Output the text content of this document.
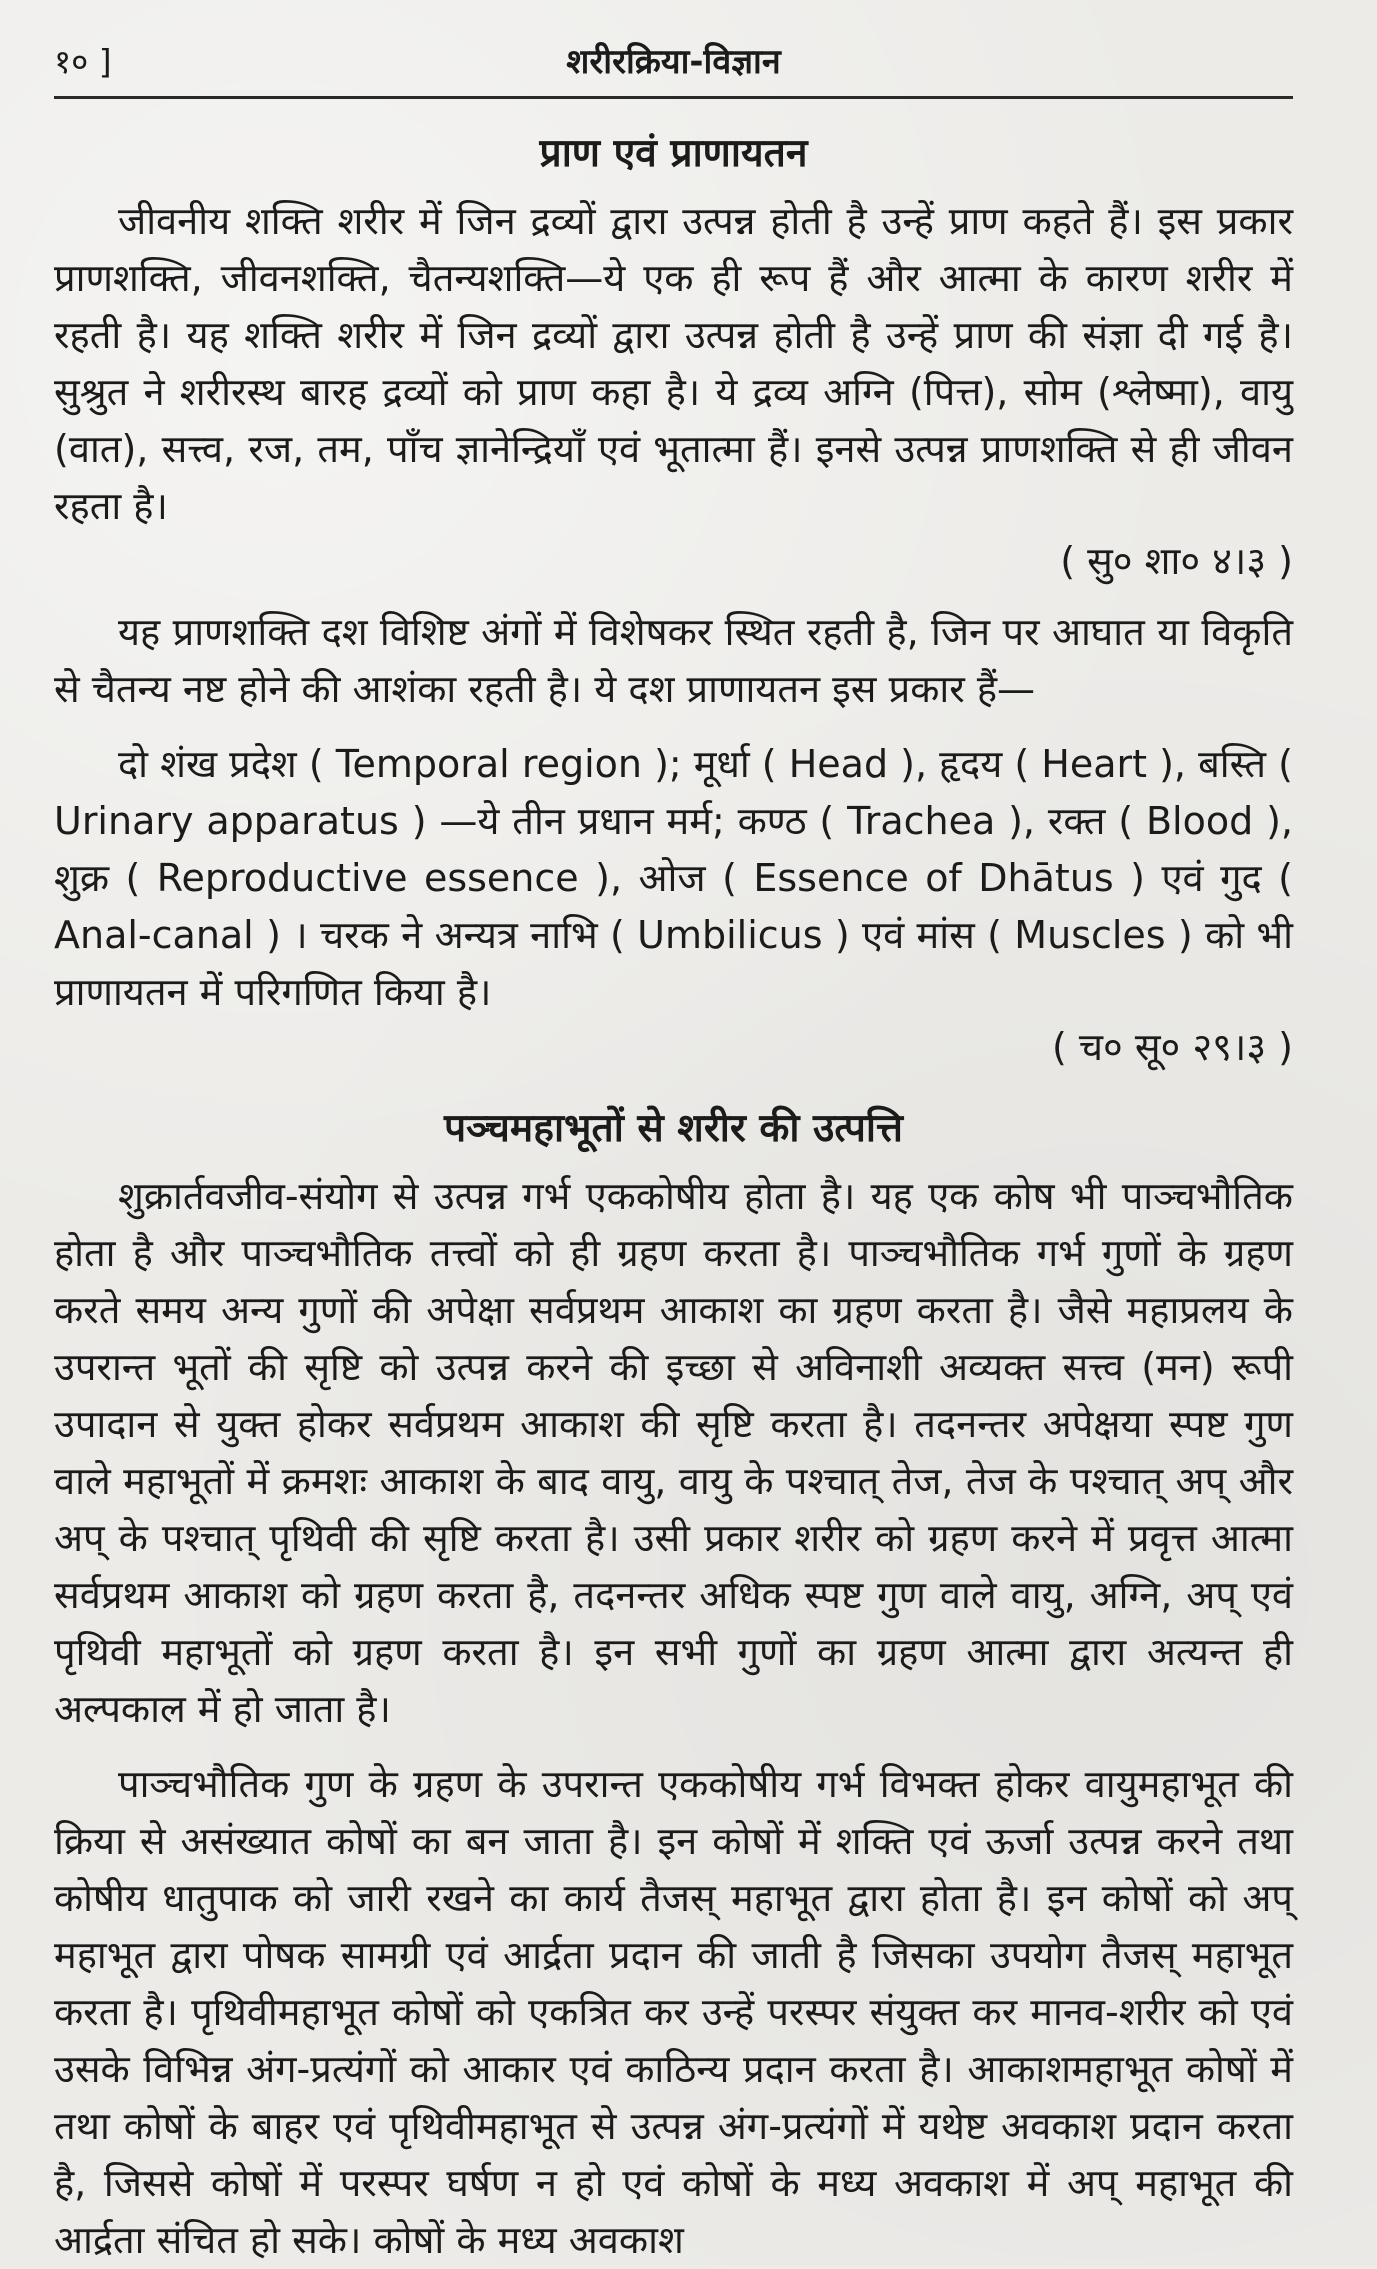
१० ]	शरीरक्रिया-विज्ञान
प्राण एवं प्राणायतन

जीवनीय शक्ति शरीर में जिन द्रव्यों द्वारा उत्पन्न होती है उन्हें प्राण कहते हैं। इस प्रकार प्राणशक्ति, जीवनशक्ति, चैतन्यशक्ति—ये एक ही रूप हैं और आत्मा के कारण शरीर में रहती है। यह शक्ति शरीर में जिन द्रव्यों द्वारा उत्पन्न होती है उन्हें प्राण की संज्ञा दी गई है। सुश्रुत ने शरीरस्थ बारह द्रव्यों को प्राण कहा है। ये द्रव्य अग्नि (पित्त), सोम (श्लेष्मा), वायु (वात), सत्त्व, रज, तम, पाँच ज्ञानेन्द्रियाँ एवं भूतात्मा हैं। इनसे उत्पन्न प्राणशक्ति से ही जीवन रहता है।

( सु० शा० ४।३ )

यह प्राणशक्ति दश विशिष्ट अंगों में विशेषकर स्थित रहती है, जिन पर आघात या विकृति से चैतन्य नष्ट होने की आशंका रहती है। ये दश प्राणायतन इस प्रकार हैं—

दो शंख प्रदेश ( Temporal region ); मूर्धा ( Head ), हृदय ( Heart ), बस्ति ( Urinary apparatus ) —ये तीन प्रधान मर्म; कण्ठ ( Trachea ), रक्त ( Blood ), शुक्र ( Reproductive essence ), ओज ( Essence of Dhātus ) एवं गुद ( Anal-canal ) । चरक ने अन्यत्र नाभि ( Umbilicus ) एवं मांस ( Muscles ) को भी प्राणायतन में परिगणित किया है।

( च० सू० २९।३ )
पञ्चमहाभूतों से शरीर की उत्पत्ति

शुक्रार्तवजीव-संयोग से उत्पन्न गर्भ एककोषीय होता है। यह एक कोष भी पाञ्चभौतिक होता है और पाञ्चभौतिक तत्त्वों को ही ग्रहण करता है। पाञ्चभौतिक गर्भ गुणों के ग्रहण करते समय अन्य गुणों की अपेक्षा सर्वप्रथम आकाश का ग्रहण करता है। जैसे महाप्रलय के उपरान्त भूतों की सृष्टि को उत्पन्न करने की इच्छा से अविनाशी अव्यक्त सत्त्व (मन) रूपी उपादान से युक्त होकर सर्वप्रथम आकाश की सृष्टि करता है। तदनन्तर अपेक्षया स्पष्ट गुण वाले महाभूतों में क्रमशः आकाश के बाद वायु, वायु के पश्चात् तेज, तेज के पश्चात् अप् और अप् के पश्चात् पृथिवी की सृष्टि करता है। उसी प्रकार शरीर को ग्रहण करने में प्रवृत्त आत्मा सर्वप्रथम आकाश को ग्रहण करता है, तदनन्तर अधिक स्पष्ट गुण वाले वायु, अग्नि, अप् एवं पृथिवी महाभूतों को ग्रहण करता है। इन सभी गुणों का ग्रहण आत्मा द्वारा अत्यन्त ही अल्पकाल में हो जाता है।

पाञ्चभौतिक गुण के ग्रहण के उपरान्त एककोषीय गर्भ विभक्त होकर वायुमहाभूत की क्रिया से असंख्यात कोषों का बन जाता है। इन कोषों में शक्ति एवं ऊर्जा उत्पन्न करने तथा कोषीय धातुपाक को जारी रखने का कार्य तैजस् महाभूत द्वारा होता है। इन कोषों को अप् महाभूत द्वारा पोषक सामग्री एवं आर्द्रता प्रदान की जाती है जिसका उपयोग तैजस् महाभूत करता है। पृथिवीमहाभूत कोषों को एकत्रित कर उन्हें परस्पर संयुक्त कर मानव-शरीर को एवं उसके विभिन्न अंग-प्रत्यंगों को आकार एवं काठिन्य प्रदान करता है। आकाशमहाभूत कोषों में तथा कोषों के बाहर एवं पृथिवीमहाभूत से उत्पन्न अंग-प्रत्यंगों में यथेष्ट अवकाश प्रदान करता है, जिससे कोषों में परस्पर घर्षण न हो एवं कोषों के मध्य अवकाश में अप् महाभूत की आर्द्रता संचित हो सके। कोषों के मध्य अवकाश
